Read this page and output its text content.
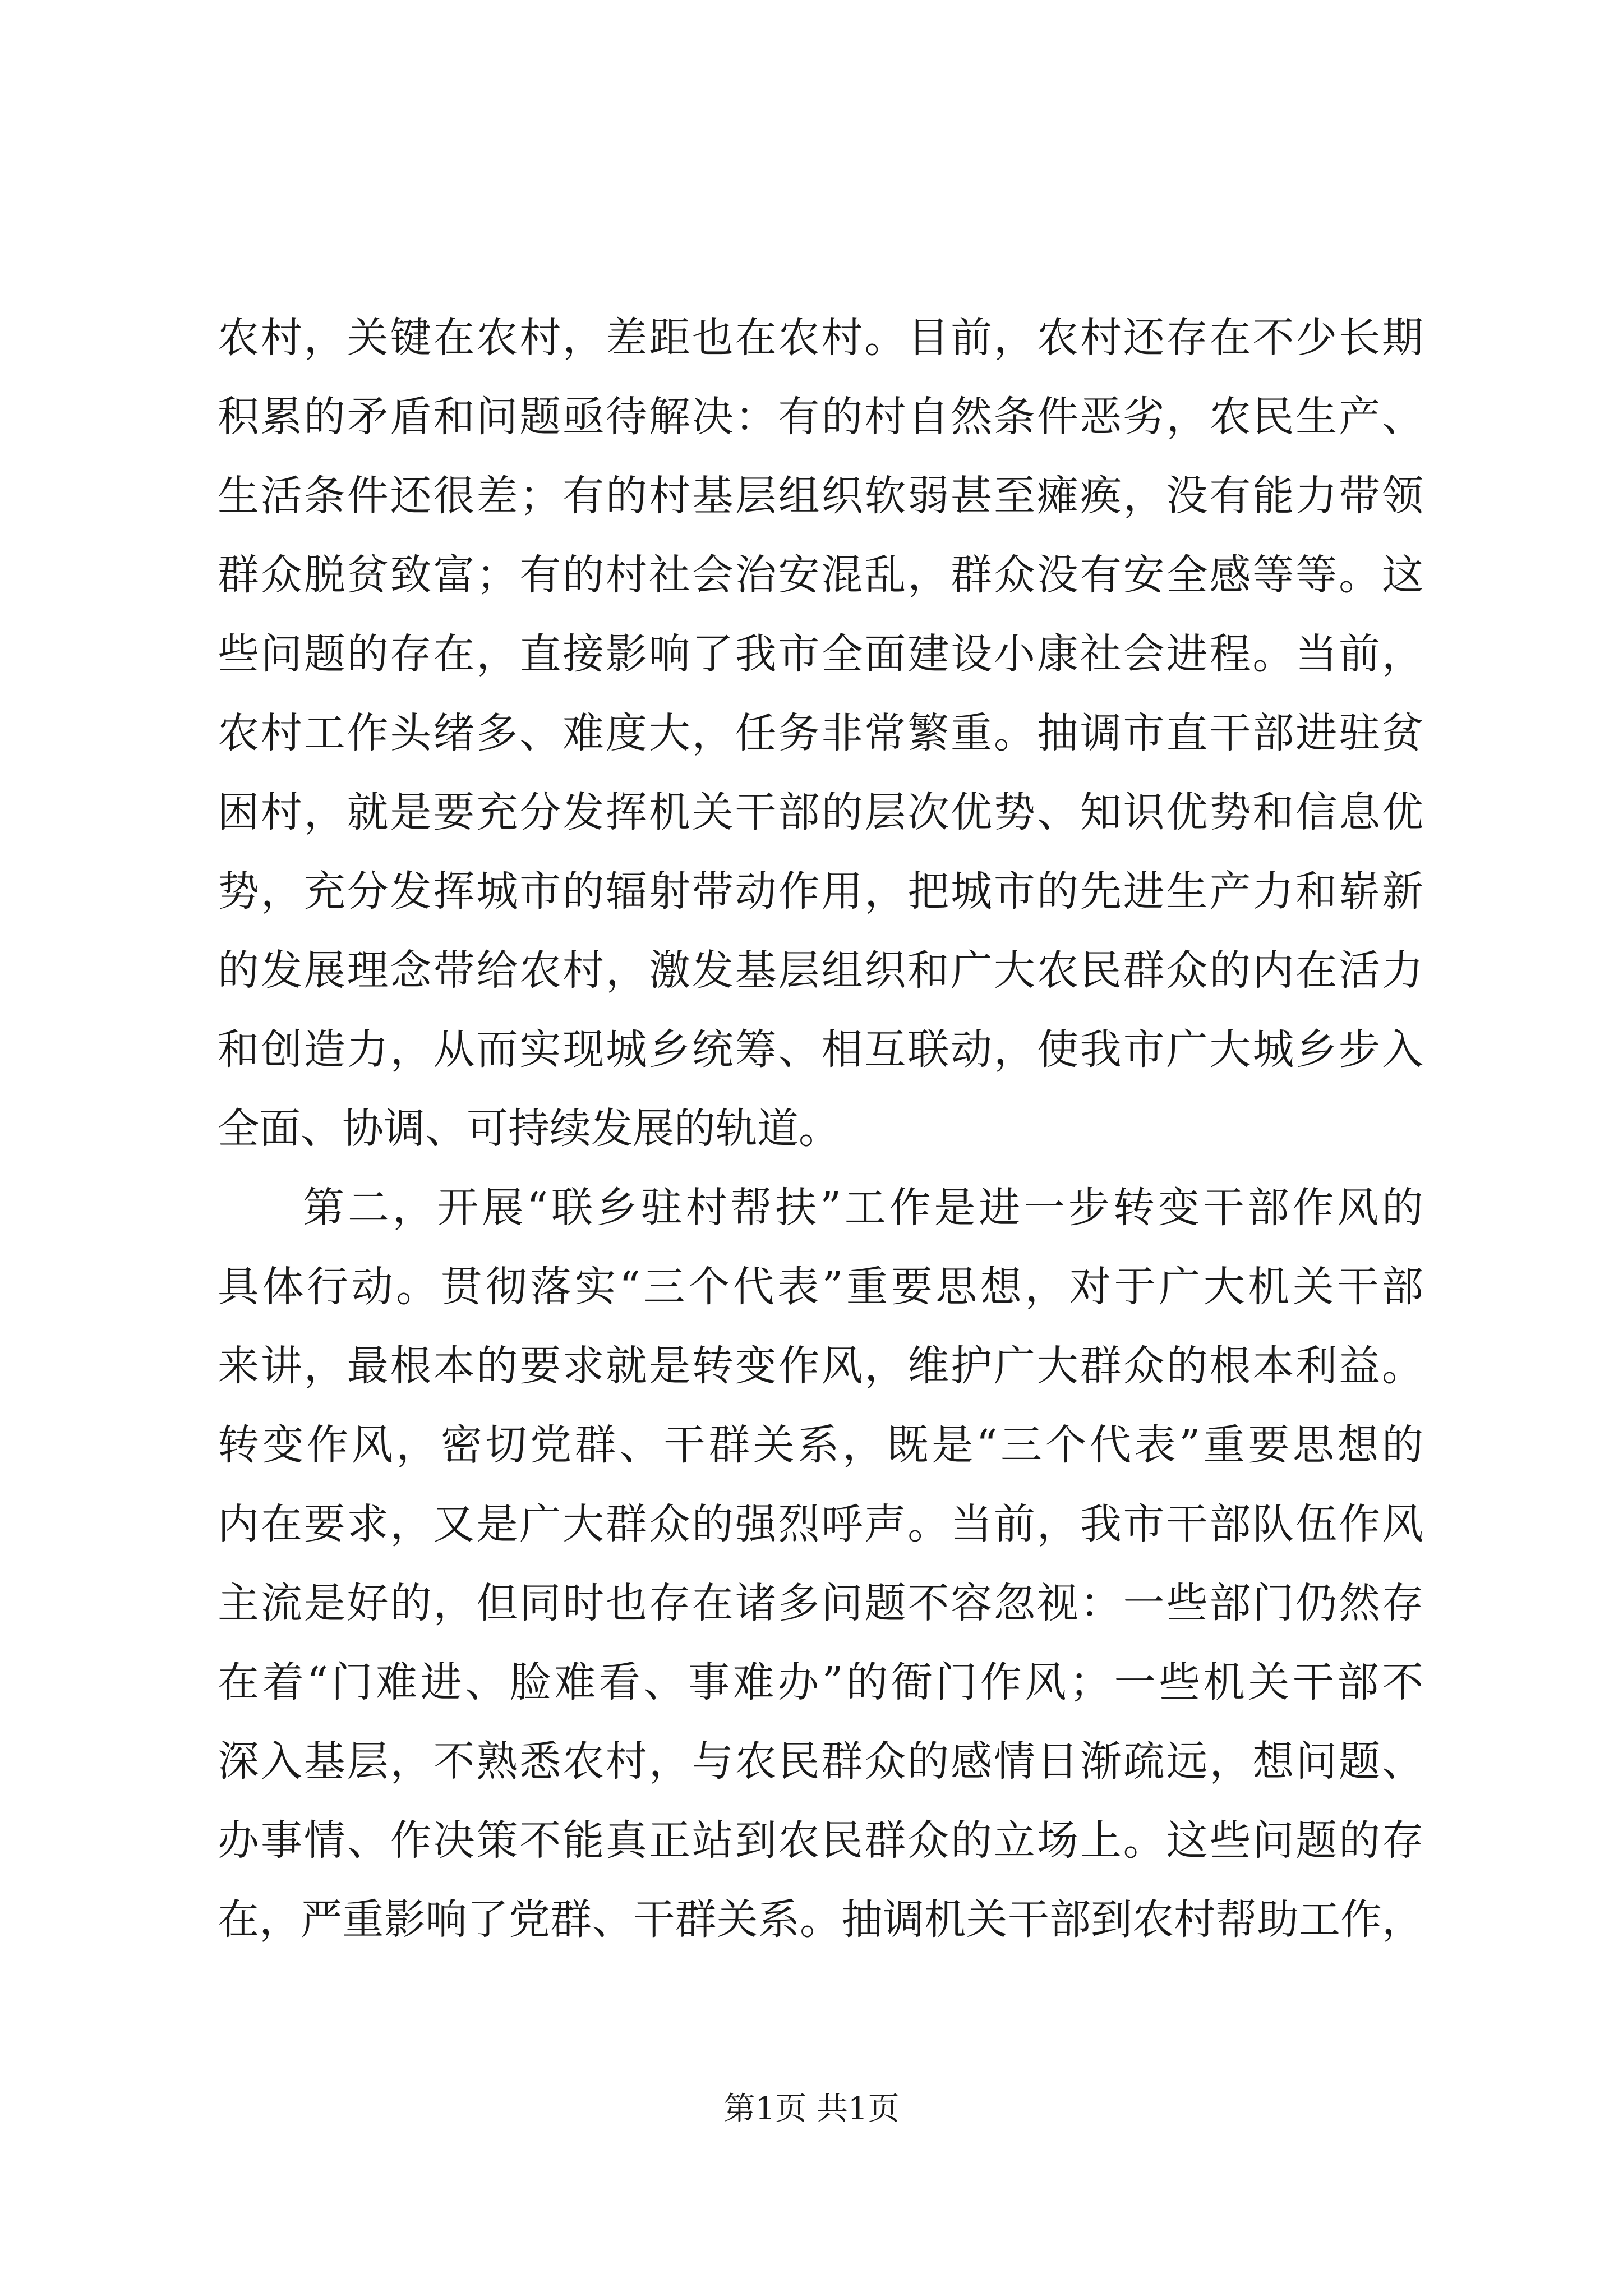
农村，关键在农村，差距也在农村。目前，农村还存在不少长期
积累的矛盾和问题亟待解决：有的村自然条件恶劣，农民生产、
生活条件还很差；有的村基层组织软弱甚至瘫痪，没有能力带领
群众脱贫致富；有的村社会治安混乱，群众没有安全感等等。这
些问题的存在，直接影响了我市全面建设小康社会进程。当前，
农村工作头绪多、难度大，任务非常繁重。抽调市直干部进驻贫
困村，就是要充分发挥机关干部的层次优势、知识优势和信息优
势，充分发挥城市的辐射带动作用，把城市的先进生产力和崭新
的发展理念带给农村，激发基层组织和广大农民群众的内在活力
和创造力，从而实现城乡统筹、相互联动，使我市广大城乡步入
全面、协调、可持续发展的轨道。
第二，开展“联乡驻村帮扶”工作是进一步转变干部作风的
具体行动。贯彻落实“三个代表”重要思想，对于广大机关干部
来讲，最根本的要求就是转变作风，维护广大群众的根本利益。
转变作风，密切党群、干群关系，既是“三个代表”重要思想的
内在要求，又是广大群众的强烈呼声。当前，我市干部队伍作风
主流是好的，但同时也存在诸多问题不容忽视：一些部门仍然存
在着“门难进、脸难看、事难办”的衙门作风；一些机关干部不
深入基层，不熟悉农村，与农民群众的感情日渐疏远，想问题、
办事情、作决策不能真正站到农民群众的立场上。这些问题的存
在，严重影响了党群、干群关系。抽调机关干部到农村帮助工作，
第1页 共1页
